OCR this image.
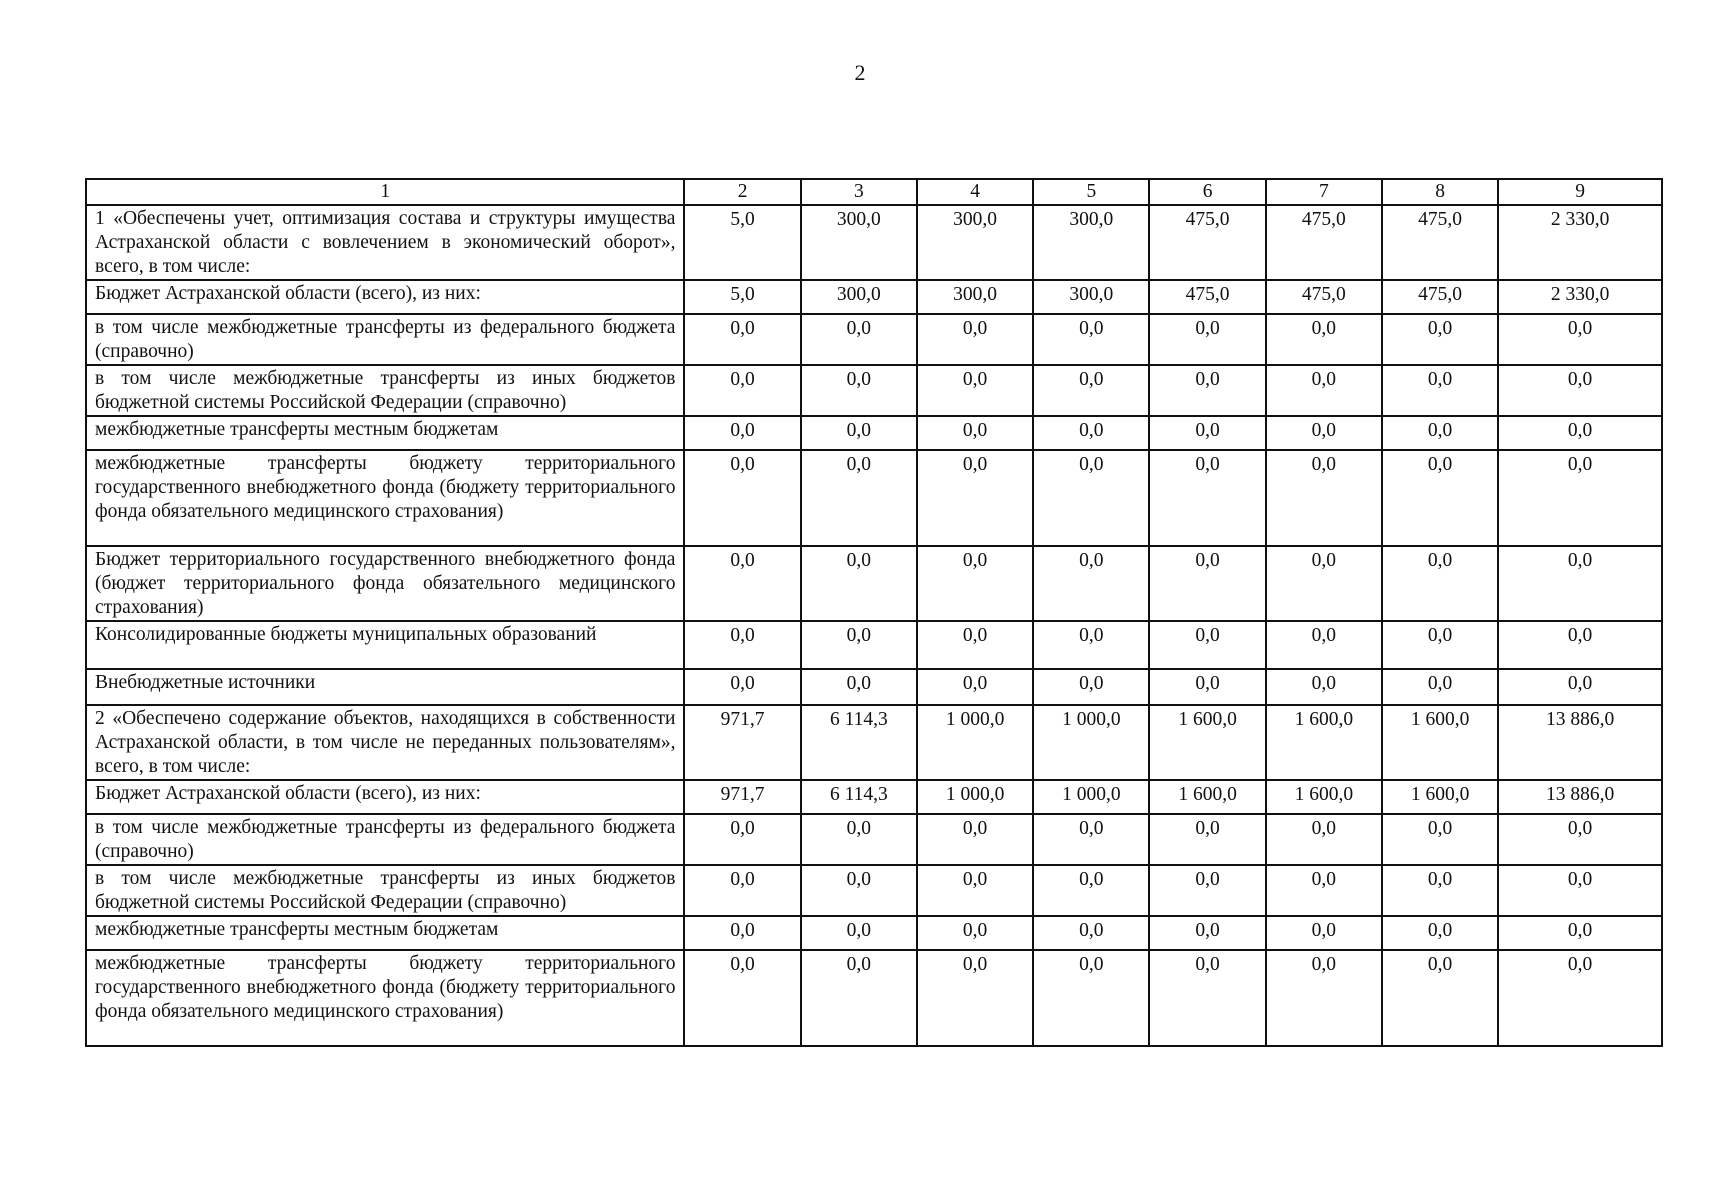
2
1	2	3	4	5	6	7	8	9
1 «Обеспечены учет, оптимизация состава и структуры имущества Астраханской области с вовлечением в экономический оборот», всего, в том числе:	5,0	300,0	300,0	300,0	475,0	475,0	475,0	2 330,0
Бюджет Астраханской области (всего), из них:	5,0	300,0	300,0	300,0	475,0	475,0	475,0	2 330,0
в том числе межбюджетные трансферты из федерального бюджета (справочно)	0,0	0,0	0,0	0,0	0,0	0,0	0,0	0,0
в том числе межбюджетные трансферты из иных бюджетов бюджетной системы Российской Федерации (справочно)	0,0	0,0	0,0	0,0	0,0	0,0	0,0	0,0
межбюджетные трансферты местным бюджетам	0,0	0,0	0,0	0,0	0,0	0,0	0,0	0,0
межбюджетные трансферты бюджету территориального государственного внебюджетного фонда (бюджету территориального фонда обязательного медицинского страхования)	0,0	0,0	0,0	0,0	0,0	0,0	0,0	0,0
Бюджет территориального государственного внебюджетного фонда (бюджет территориального фонда обязательного медицинского страхования)	0,0	0,0	0,0	0,0	0,0	0,0	0,0	0,0
Консолидированные бюджеты муниципальных образований	0,0	0,0	0,0	0,0	0,0	0,0	0,0	0,0
Внебюджетные источники	0,0	0,0	0,0	0,0	0,0	0,0	0,0	0,0
2 «Обеспечено содержание объектов, находящихся в собственности Астраханской области, в том числе не переданных пользователям», всего, в том числе:	971,7	6 114,3	1 000,0	1 000,0	1 600,0	1 600,0	1 600,0	13 886,0
Бюджет Астраханской области (всего), из них:	971,7	6 114,3	1 000,0	1 000,0	1 600,0	1 600,0	1 600,0	13 886,0
в том числе межбюджетные трансферты из федерального бюджета (справочно)	0,0	0,0	0,0	0,0	0,0	0,0	0,0	0,0
в том числе межбюджетные трансферты из иных бюджетов бюджетной системы Российской Федерации (справочно)	0,0	0,0	0,0	0,0	0,0	0,0	0,0	0,0
межбюджетные трансферты местным бюджетам	0,0	0,0	0,0	0,0	0,0	0,0	0,0	0,0
межбюджетные трансферты бюджету территориального государственного внебюджетного фонда (бюджету территориального фонда обязательного медицинского страхования)	0,0	0,0	0,0	0,0	0,0	0,0	0,0	0,0
